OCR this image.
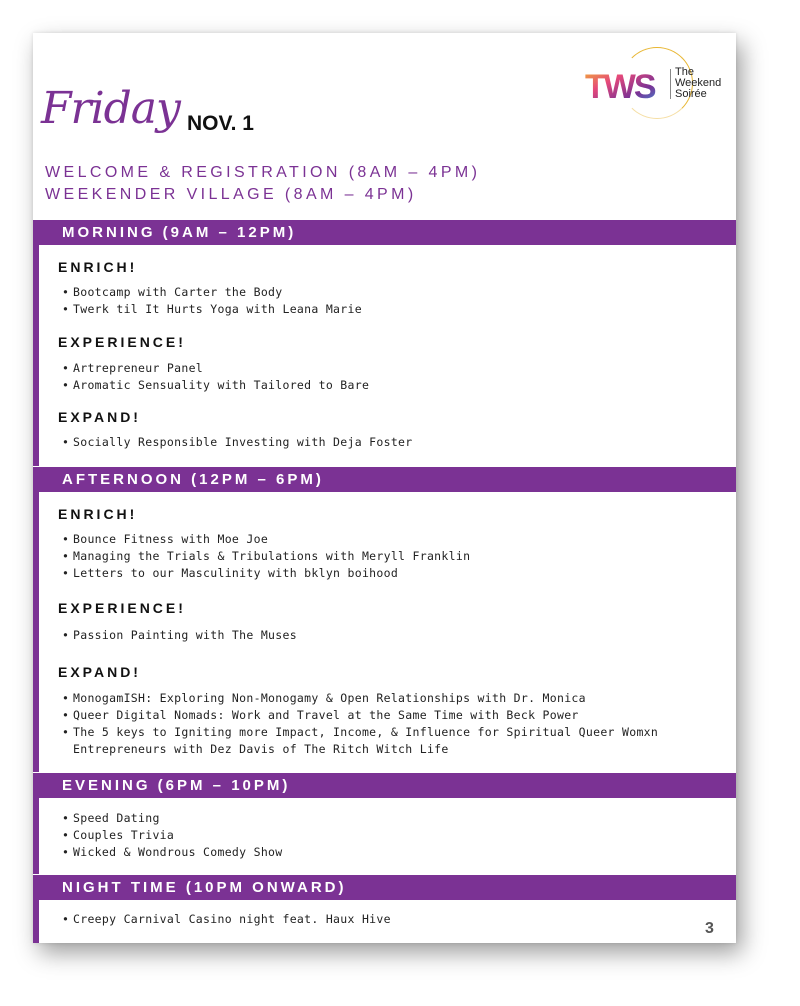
TWS The
Weekend
Soirée
Friday NOV. 1
WELCOME & REGISTRATION (8AM – 4PM)
WEEKENDER VILLAGE (8AM – 4PM)
MORNING (9AM – 12PM)
ENRICH!
• Bootcamp with Carter the Body
• Twerk til It Hurts Yoga with Leana Marie
EXPERIENCE!
• Artrepreneur Panel
• Aromatic Sensuality with Tailored to Bare
EXPAND!
• Socially Responsible Investing with Deja Foster
AFTERNOON (12PM – 6PM)
ENRICH!
• Bounce Fitness with Moe Joe
• Managing the Trials & Tribulations with Meryll Franklin
• Letters to our Masculinity with bklyn boihood
EXPERIENCE!
• Passion Painting with The Muses
EXPAND!
• MonogamISH: Exploring Non-Monogamy & Open Relationships with Dr. Monica
• Queer Digital Nomads: Work and Travel at the Same Time with Beck Power
• The 5 keys to Igniting more Impact, Income, & Influence for Spiritual Queer Womxn
Entrepreneurs with Dez Davis of The Ritch Witch Life
EVENING (6PM – 10PM)
• Speed Dating
• Couples Trivia
• Wicked & Wondrous Comedy Show
NIGHT TIME (10PM ONWARD)
• Creepy Carnival Casino night feat. Haux Hive
3
